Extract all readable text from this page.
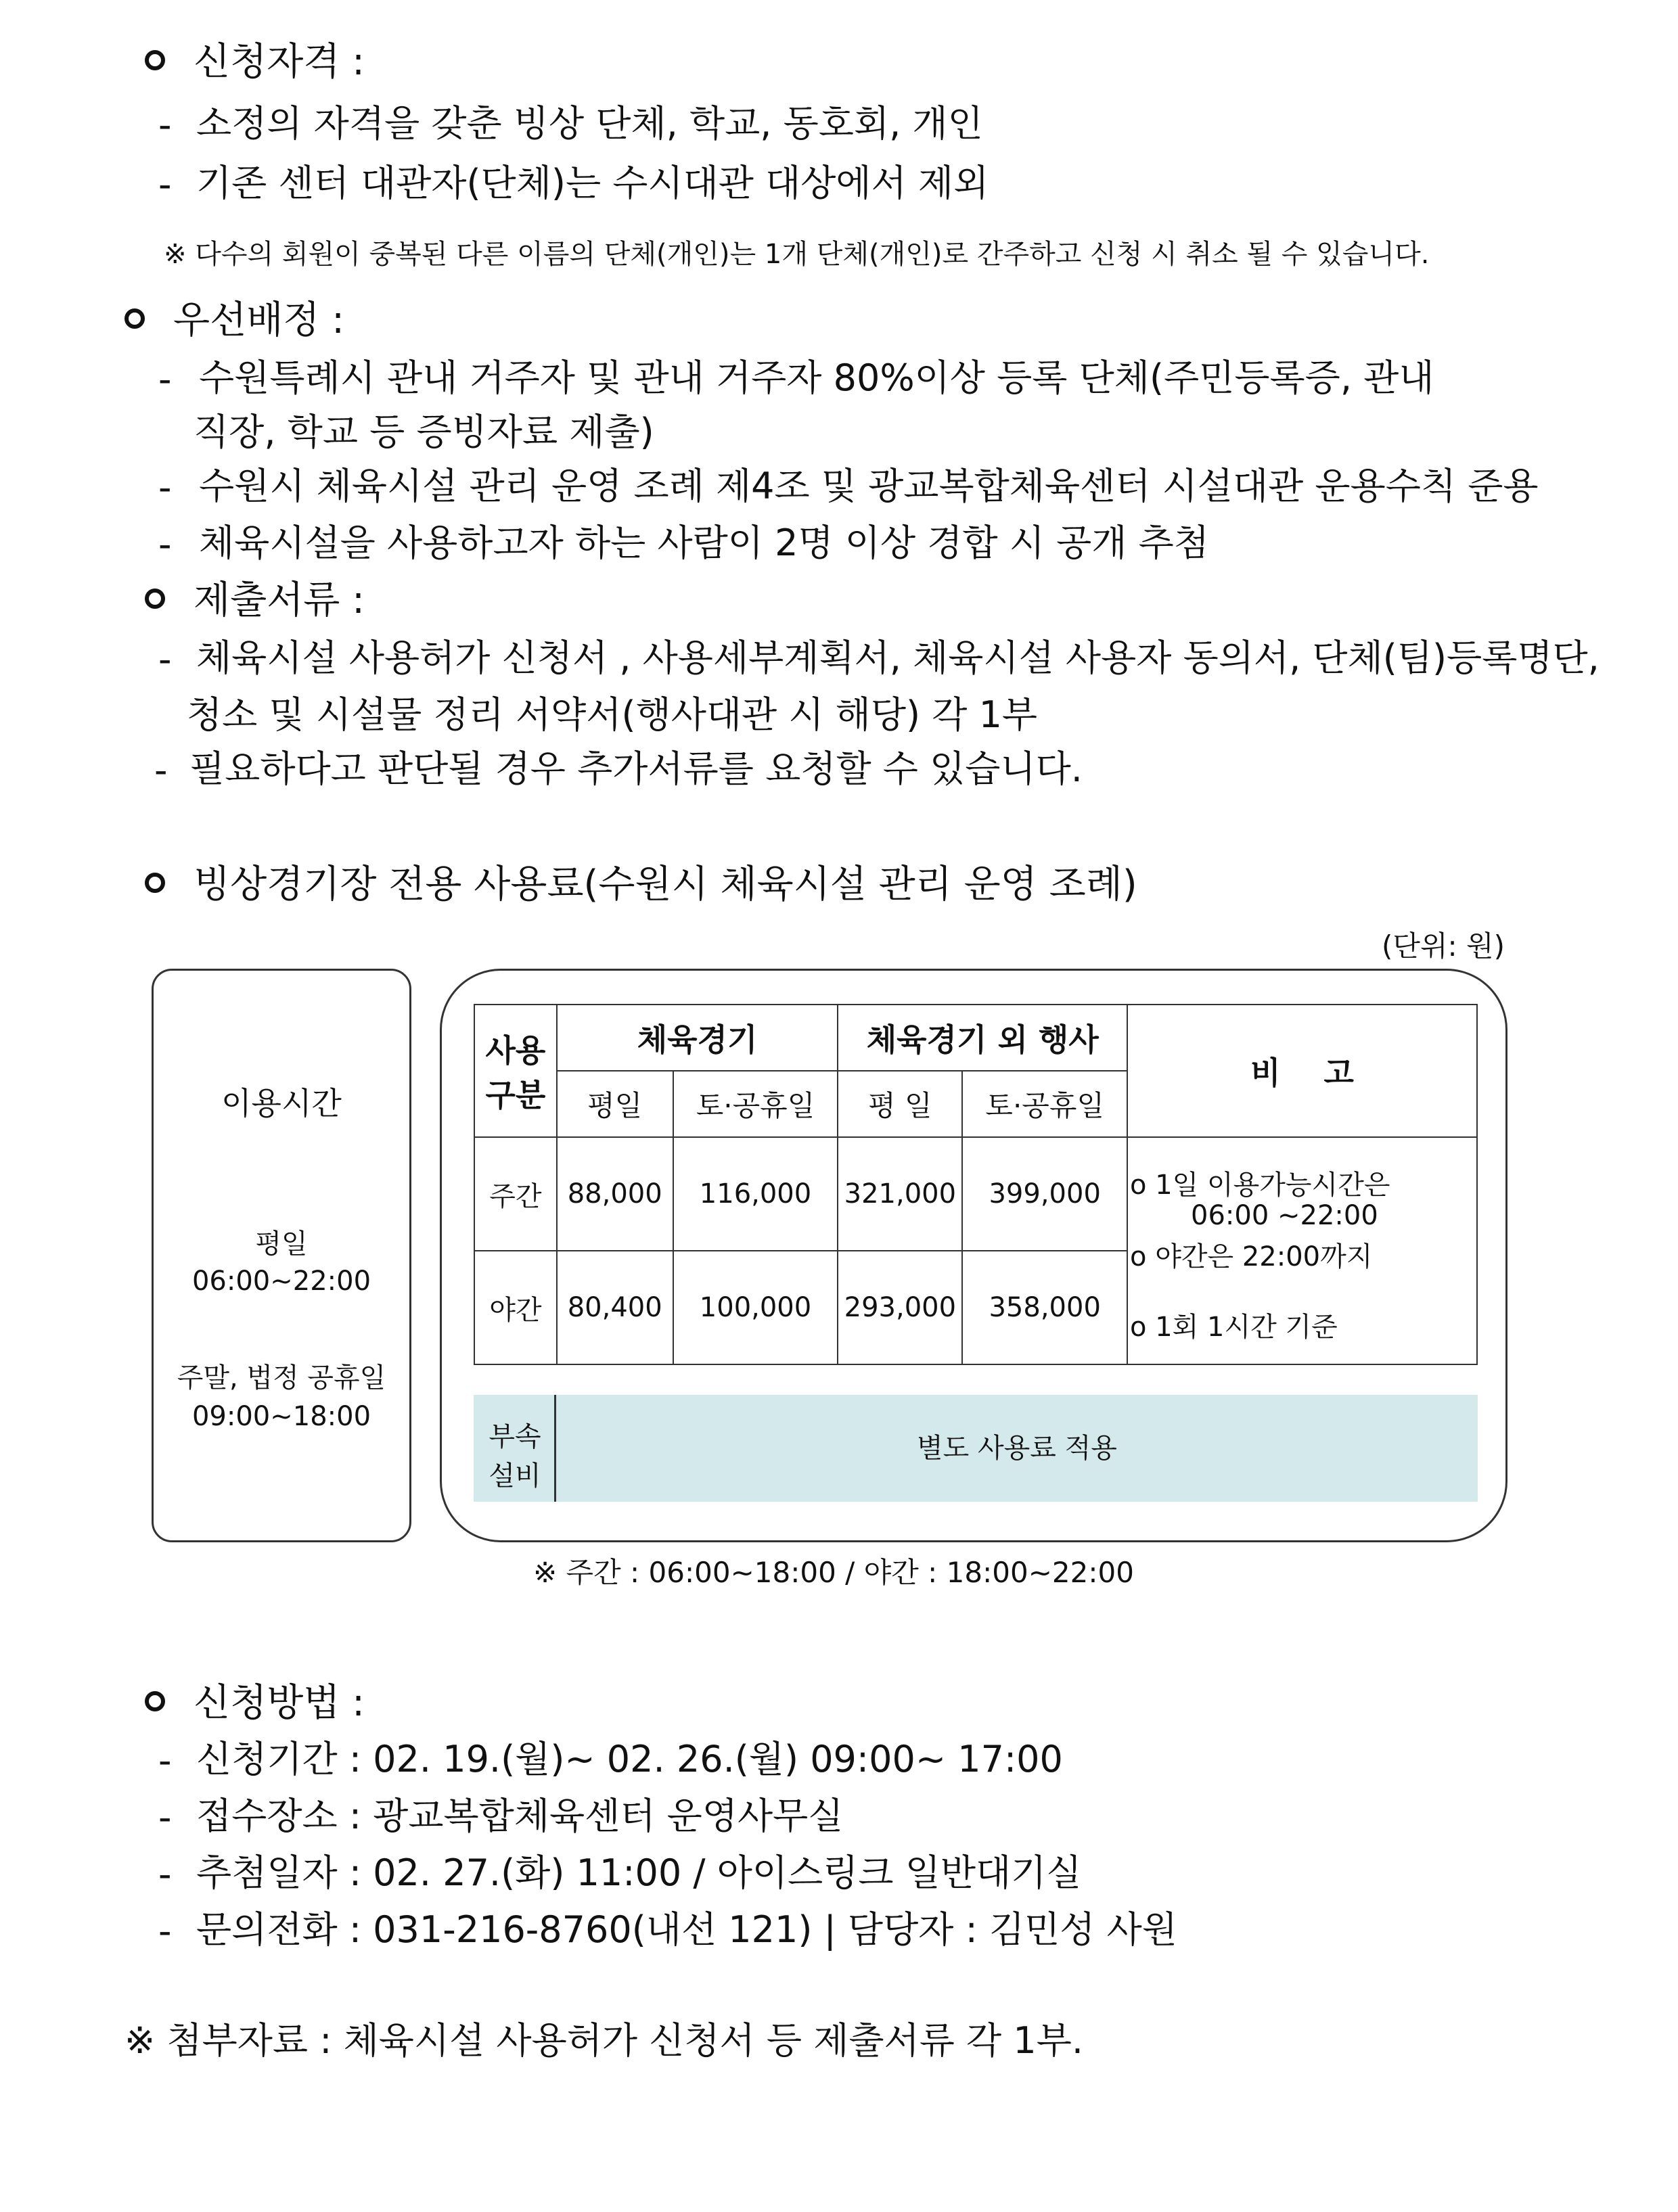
신청자격 :
- 소정의 자격을 갖춘 빙상 단체, 학교, 동호회, 개인
- 기존 센터 대관자(단체)는 수시대관 대상에서 제외
※ 다수의 회원이 중복된 다른 이름의 단체(개인)는 1개 단체(개인)로 간주하고 신청 시 취소 될 수 있습니다.
우선배정 :
- 수원특례시 관내 거주자 및 관내 거주자 80%이상 등록 단체(주민등록증, 관내
직장, 학교 등 증빙자료 제출)
- 수원시 체육시설 관리 운영 조례 제4조 및 광교복합체육센터 시설대관 운용수칙 준용
- 체육시설을 사용하고자 하는 사람이 2명 이상 경합 시 공개 추첨
제출서류 :
- 체육시설 사용허가 신청서 , 사용세부계획서, 체육시설 사용자 동의서, 단체(팀)등록명단,
청소 및 시설물 정리 서약서(행사대관 시 해당) 각 1부
- 필요하다고 판단될 경우 추가서류를 요청할 수 있습니다.
빙상경기장 전용 사용료(수원시 체육시설 관리 운영 조례)
(단위: 원)
이용시간
평일
06:00~22:00
주말, 법정 공휴일
09:00~18:00
사용
구분	체육경기		체육경기 외 행사		비    고
	평일	토·공휴일	평 일	토·공휴일	
주간	88,000	116,000	321,000	399,000	
야간	80,400	100,000	293,000	358,000	
o 1일 이용가능시간은
06:00 ~22:00
o 야간은 22:00까지
o 1회 1시간 기준
부속
설비
별도 사용료 적용
※ 주간 : 06:00~18:00 / 야간 : 18:00~22:00
신청방법 :
- 신청기간 : 02. 19.(월)~ 02. 26.(월) 09:00~ 17:00
- 접수장소 : 광교복합체육센터 운영사무실
- 추첨일자 : 02. 27.(화) 11:00 / 아이스링크 일반대기실
- 문의전화 : 031-216-8760(내선 121) | 담당자 : 김민성 사원
※ 첨부자료 : 체육시설 사용허가 신청서 등 제출서류 각 1부.
